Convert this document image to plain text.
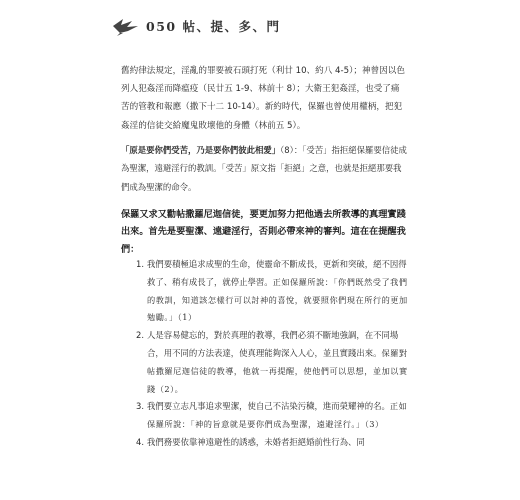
050 帖、提、多、門

舊約律法規定，淫亂的罪要被石頭打死（利廿 10、約八 4-5）；神曾因以色列人犯姦淫而降瘟疫（民廿五 1-9、林前十 8）；大衛王犯姦淫，也受了痛苦的管教和報應（撒下十二 10-14）。新約時代，保羅也曾使用權柄，把犯姦淫的信徒交給魔鬼敗壞他的身體（林前五 5）。

「原是要你們受苦，乃是要你們彼此相愛」（8）：「受苦」指拒絕保羅要信徒成為聖潔，遠避淫行的教訓。「受苦」原文指「拒絕」之意，也就是拒絕那要我們成為聖潔的命令。

保羅又求又勸帖撒羅尼迦信徒，要更加努力把他過去所教導的真理實踐出來。首先是要聖潔、遠避淫行，否則必帶來神的審判。這在在提醒我們：

1. 我們要積極追求成聖的生命，使靈命不斷成長，更新和突破，絕不因得救了、稍有成長了，就停止學習。正如保羅所說：「你們既然受了我們的教訓，知道該怎樣行可以討神的喜悅，就要照你們現在所行的更加勉勵。」（1）

2. 人是容易健忘的，對於真理的教導，我們必須不斷地強調，在不同場合，用不同的方法表達，使真理能夠深入人心，並且實踐出來。保羅對帖撒羅尼迦信徒的教導，他就一再提醒，使他們可以思想，並加以實踐（2）。

3. 我們要立志凡事追求聖潔，使自己不沾染污穢，進而榮耀神的名。正如保羅所說：「神的旨意就是要你們成為聖潔，遠避淫行。」（3）

4. 我們務要依靠神遠避性的誘惑，未婚者拒絕婚前性行為、同
